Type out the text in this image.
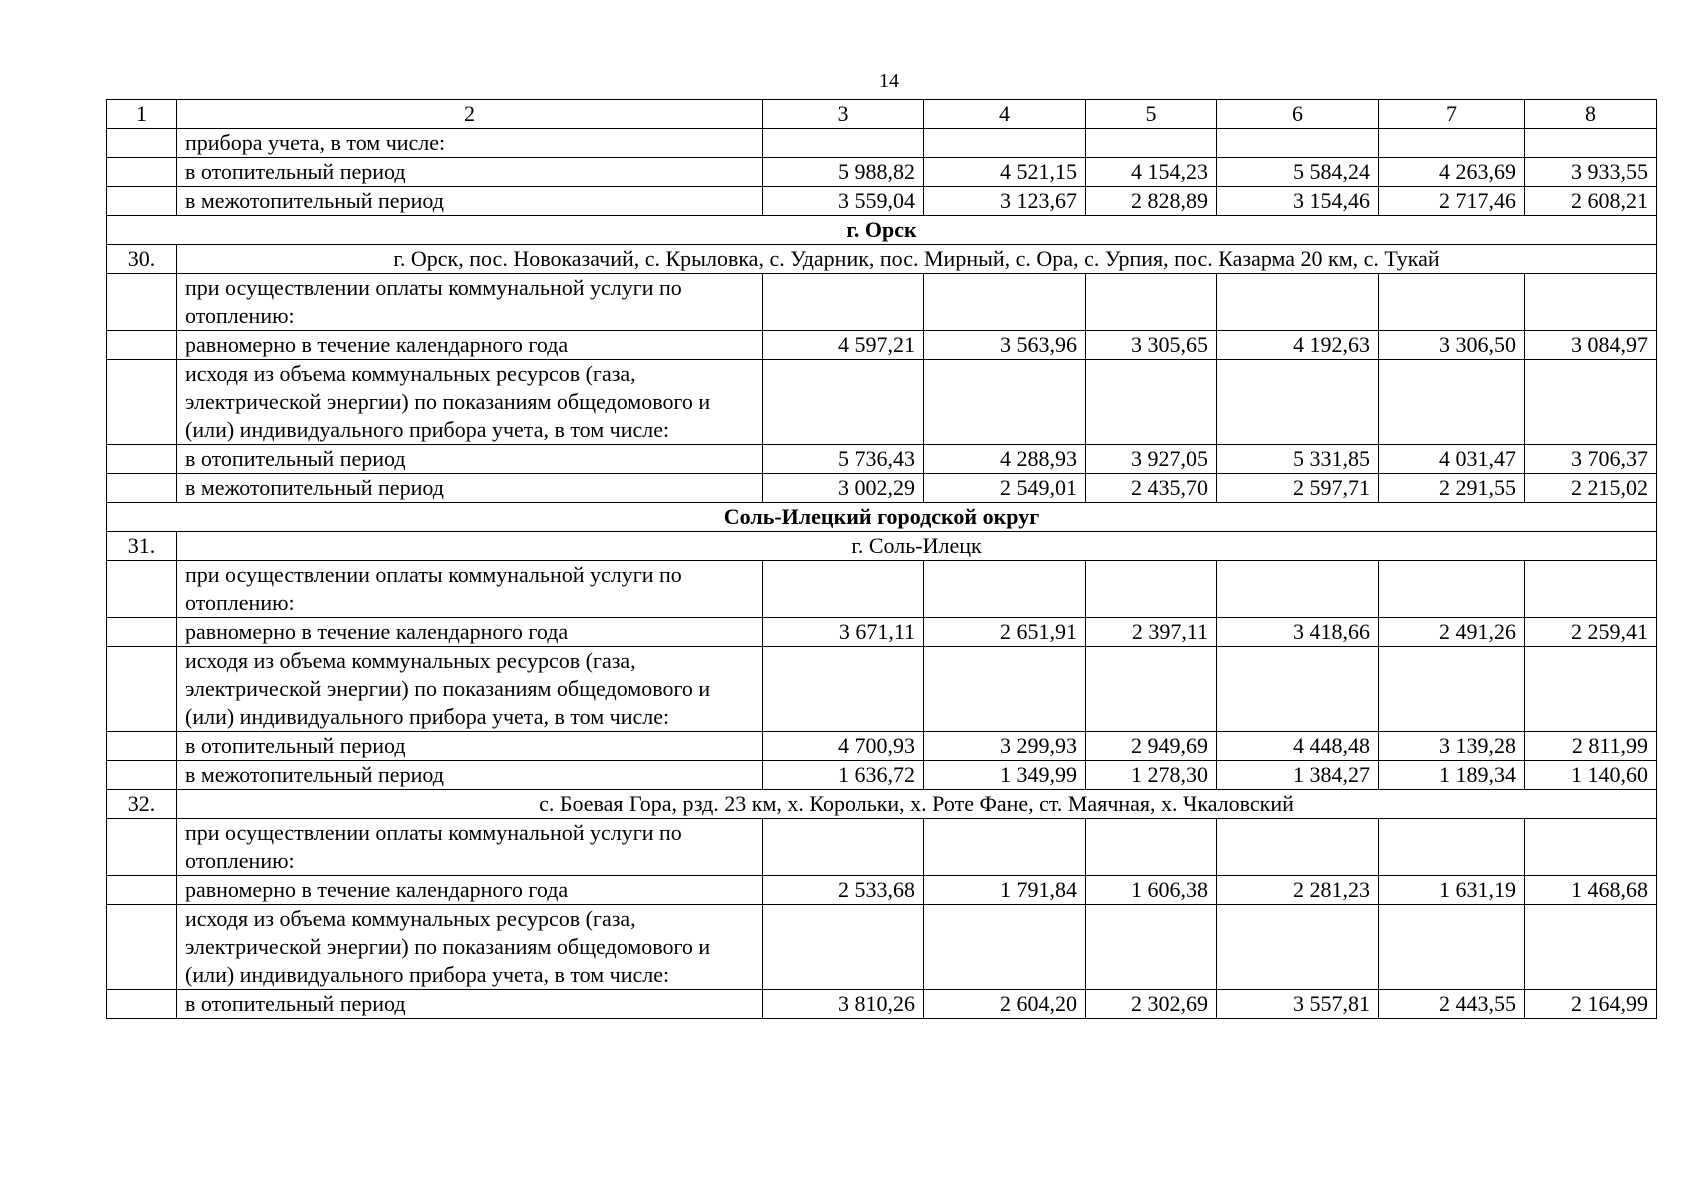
14
1	2	3	4	5	6	7	8
	прибора учета, в том числе:						
	в отопительный период	5 988,82	4 521,15	4 154,23	5 584,24	4 263,69	3 933,55
	в межотопительный период	3 559,04	3 123,67	2 828,89	3 154,46	2 717,46	2 608,21
г. Орск							
30.	г. Орск, пос. Новоказачий, с. Крыловка, с. Ударник, пос. Мирный, с. Ора, с. Урпия, пос. Казарма 20 км, с. Тукай						
	при осуществлении оплаты коммунальной услуги по отоплению:						
	равномерно в течение календарного года	4 597,21	3 563,96	3 305,65	4 192,63	3 306,50	3 084,97
	исходя из объема коммунальных ресурсов (газа, электрической энергии) по показаниям общедомового и (или) индивидуального прибора учета, в том числе:						
	в отопительный период	5 736,43	4 288,93	3 927,05	5 331,85	4 031,47	3 706,37
	в межотопительный период	3 002,29	2 549,01	2 435,70	2 597,71	2 291,55	2 215,02
Соль-Илецкий городской округ							
31.	г. Соль-Илецк						
	при осуществлении оплаты коммунальной услуги по отоплению:						
	равномерно в течение календарного года	3 671,11	2 651,91	2 397,11	3 418,66	2 491,26	2 259,41
	исходя из объема коммунальных ресурсов (газа, электрической энергии) по показаниям общедомового и (или) индивидуального прибора учета, в том числе:						
	в отопительный период	4 700,93	3 299,93	2 949,69	4 448,48	3 139,28	2 811,99
	в межотопительный период	1 636,72	1 349,99	1 278,30	1 384,27	1 189,34	1 140,60
32.	с. Боевая Гора, рзд. 23 км, х. Корольки, х. Роте Фане, ст. Маячная, х. Чкаловский						
	при осуществлении оплаты коммунальной услуги по отоплению:						
	равномерно в течение календарного года	2 533,68	1 791,84	1 606,38	2 281,23	1 631,19	1 468,68
	исходя из объема коммунальных ресурсов (газа, электрической энергии) по показаниям общедомового и (или) индивидуального прибора учета, в том числе:						
	в отопительный период	3 810,26	2 604,20	2 302,69	3 557,81	2 443,55	2 164,99
